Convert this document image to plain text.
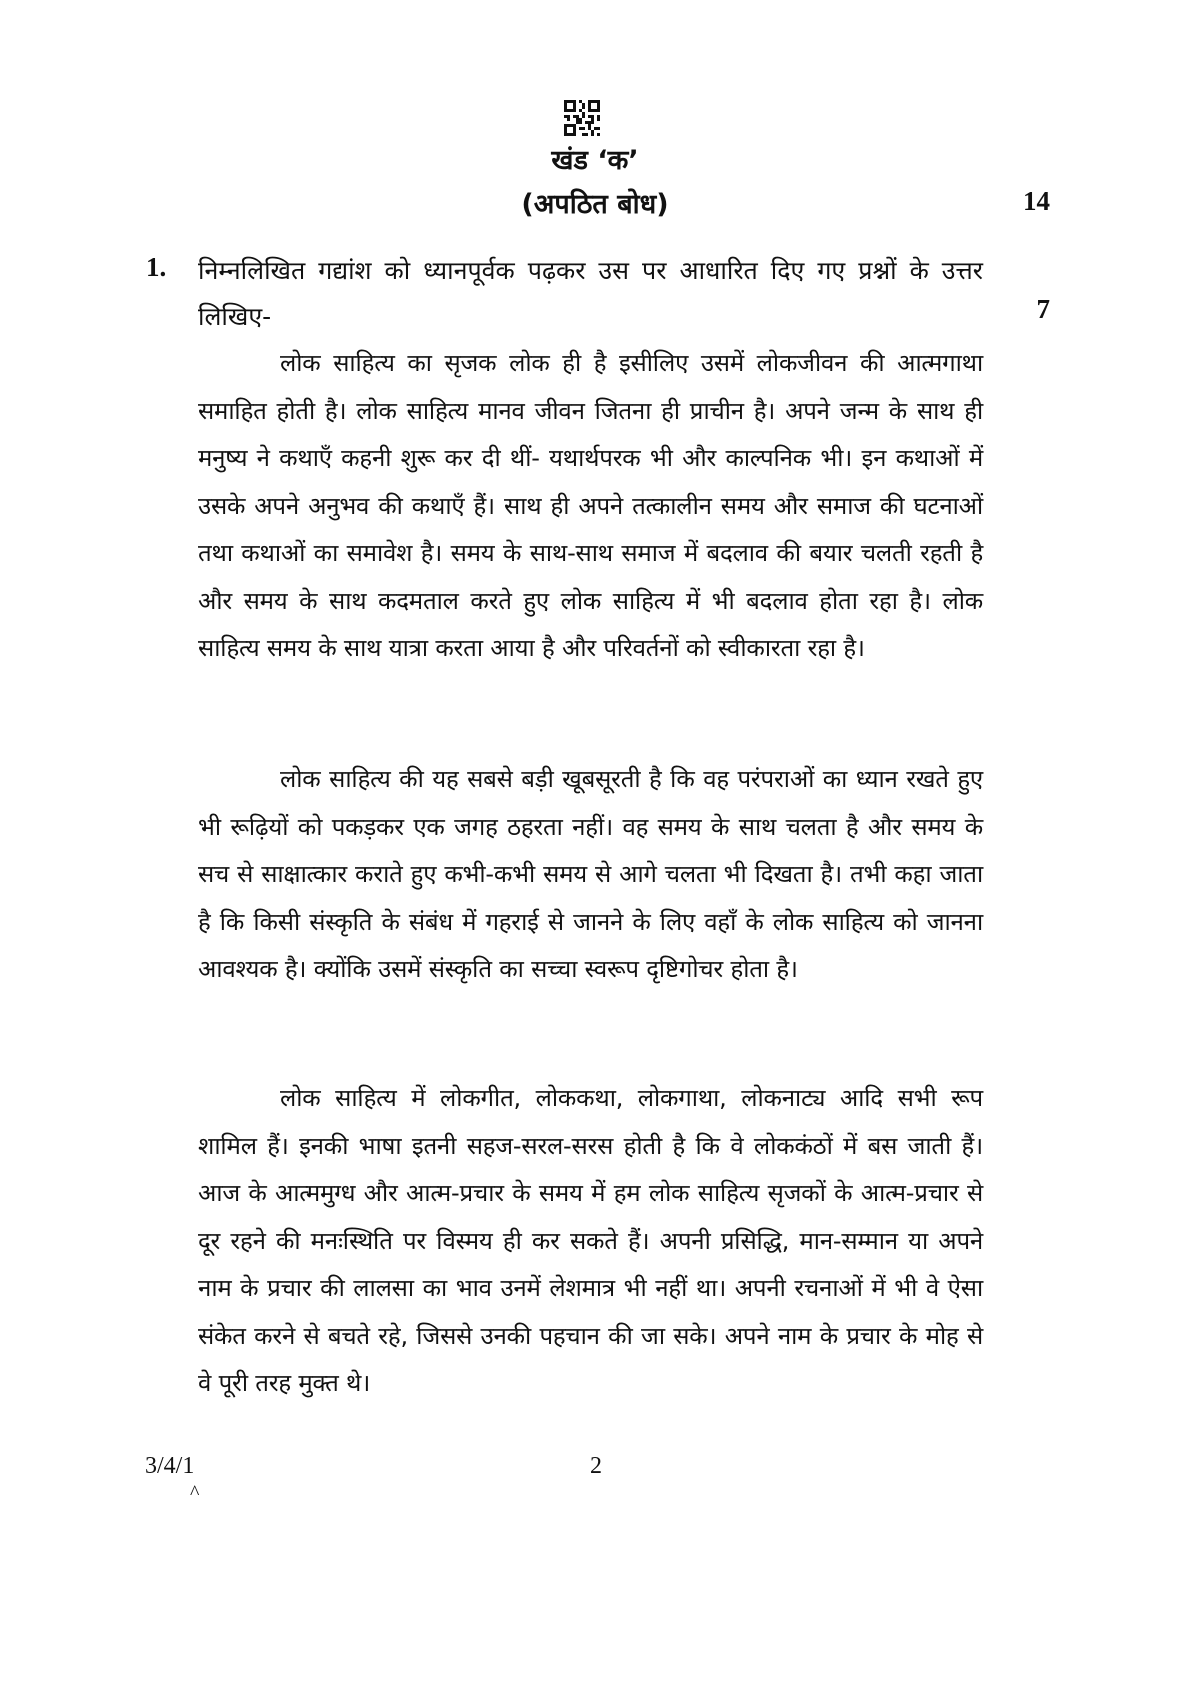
खंड ‘क’
(अपठित बोध)	14
1. निम्नलिखित गद्यांश को ध्यानपूर्वक पढ़कर उस पर आधारित दिए गए प्रश्नों के उत्तर लिखिए-	7

लोक साहित्य का सृजक लोक ही है इसीलिए उसमें लोकजीवन की आत्मगाथा समाहित होती है। लोक साहित्य मानव जीवन जितना ही प्राचीन है। अपने जन्म के साथ ही मनुष्य ने कथाएँ कहनी शुरू कर दी थीं- यथार्थपरक भी और काल्पनिक भी। इन कथाओं में उसके अपने अनुभव की कथाएँ हैं। साथ ही अपने तत्कालीन समय और समाज की घटनाओं तथा कथाओं का समावेश है। समय के साथ-साथ समाज में बदलाव की बयार चलती रहती है और समय के साथ कदमताल करते हुए लोक साहित्य में भी बदलाव होता रहा है। लोक साहित्य समय के साथ यात्रा करता आया है और परिवर्तनों को स्वीकारता रहा है।

लोक साहित्य की यह सबसे बड़ी खूबसूरती है कि वह परंपराओं का ध्यान रखते हुए भी रूढ़ियों को पकड़कर एक जगह ठहरता नहीं। वह समय के साथ चलता है और समय के सच से साक्षात्कार कराते हुए कभी-कभी समय से आगे चलता भी दिखता है। तभी कहा जाता है कि किसी संस्कृति के संबंध में गहराई से जानने के लिए वहाँ के लोक साहित्य को जानना आवश्यक है। क्योंकि उसमें संस्कृति का सच्चा स्वरूप दृष्टिगोचर होता है।

लोक साहित्य में लोकगीत, लोककथा, लोकगाथा, लोकनाट्य आदि सभी रूप शामिल हैं। इनकी भाषा इतनी सहज-सरल-सरस होती है कि वे लोककंठों में बस जाती हैं। आज के आत्ममुग्ध और आत्म-प्रचार के समय में हम लोक साहित्य सृजकों के आत्म-प्रचार से दूर रहने की मनःस्थिति पर विस्मय ही कर सकते हैं। अपनी प्रसिद्धि, मान-सम्मान या अपने नाम के प्रचार की लालसा का भाव उनमें लेशमात्र भी नहीं था। अपनी रचनाओं में भी वे ऐसा संकेत करने से बचते रहे, जिससे उनकी पहचान की जा सके। अपने नाम के प्रचार के मोह से वे पूरी तरह मुक्त थे।

3/4/1
^
2
